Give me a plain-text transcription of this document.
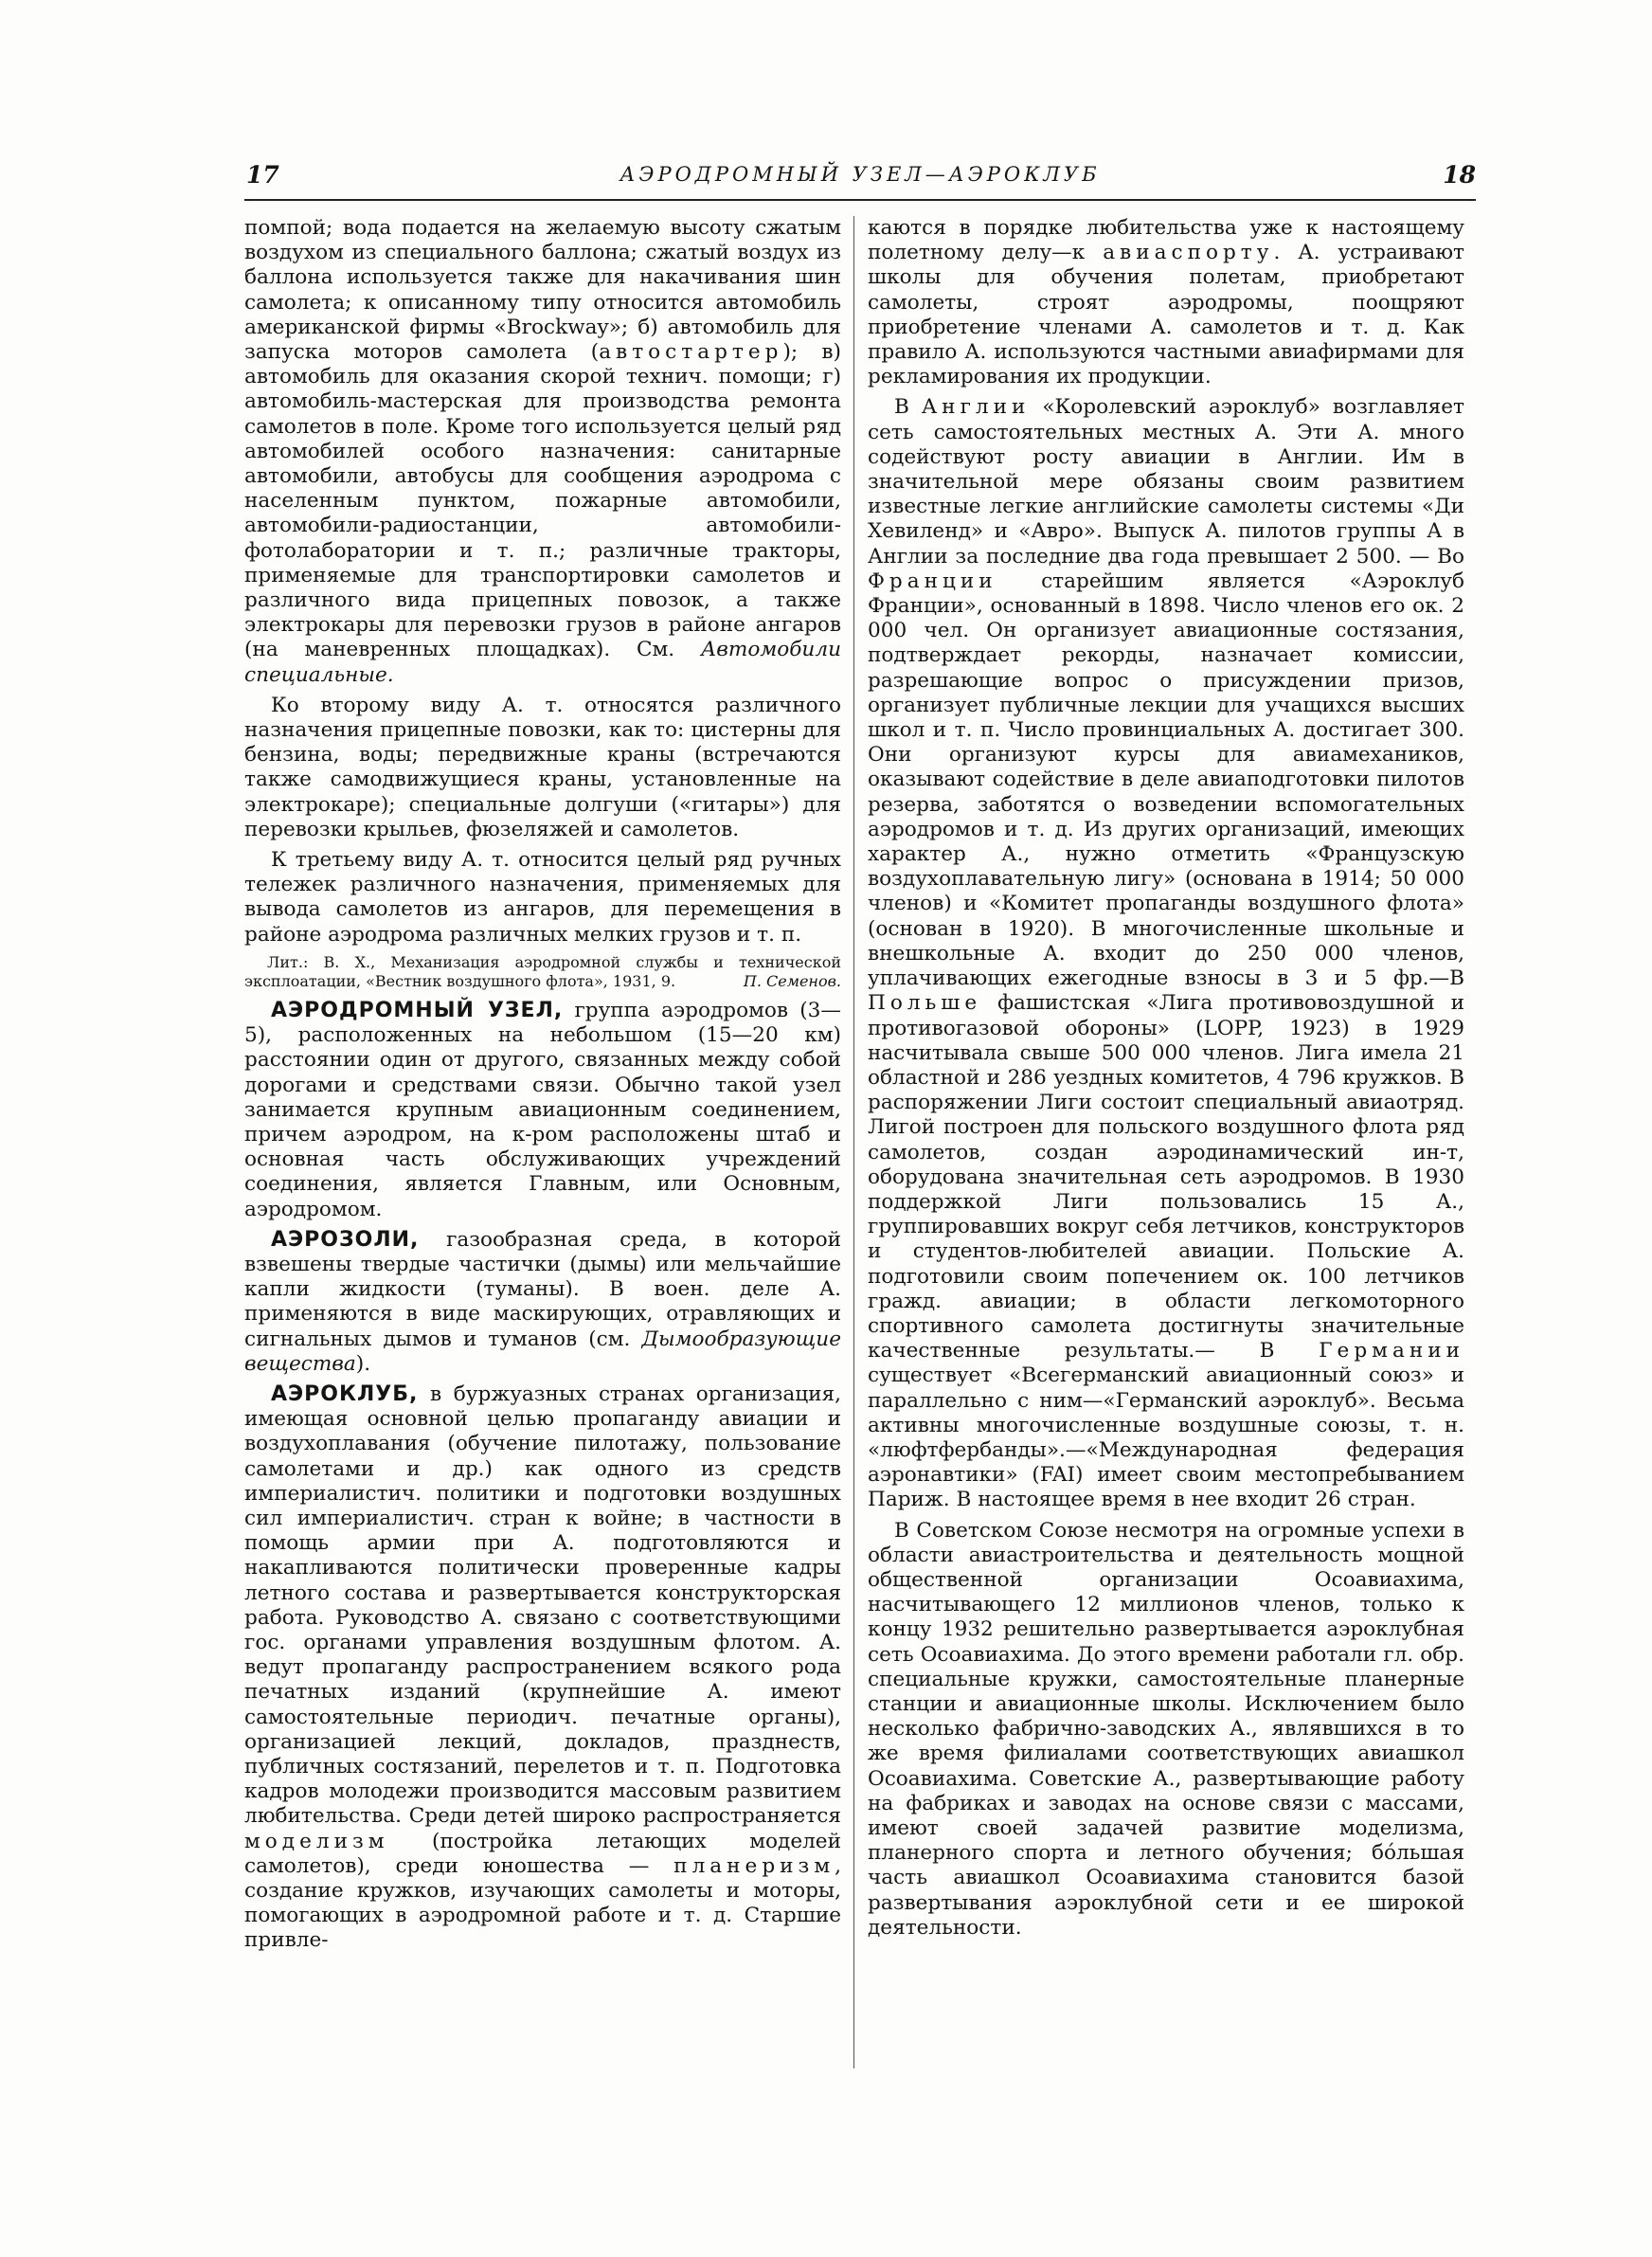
17	АЭРОДРОМНЫЙ УЗЕЛ—АЭРОКЛУБ	18

помпой; вода подается на желаемую высоту сжатым воздухом из специального баллона; сжатый воздух из баллона используется также для накачивания шин самолета; к описанному типу относится автомобиль американской фирмы «Brockway»; б) автомобиль для запуска моторов самолета (автостартер); в) автомобиль для оказания скорой технич. помощи; г) автомобиль-мастерская для производства ремонта самолетов в поле. Кроме того используется целый ряд автомобилей особого назначения: санитарные автомобили, автобусы для сообщения аэродрома с населенным пунктом, пожарные автомобили, автомобили-радиостанции, автомобили-фотолаборатории и т. п.; различные тракторы, применяемые для транспортировки самолетов и различного вида прицепных повозок, а также электрокары для перевозки грузов в районе ангаров (на маневренных площадках). См. Автомобили специальные.

Ко второму виду А. т. относятся различного назначения прицепные повозки, как то: цистерны для бензина, воды; передвижные краны (встречаются также самодвижущиеся краны, установленные на электрокаре); специальные долгуши («гитары») для перевозки крыльев, фюзеляжей и самолетов.

К третьему виду А. т. относится целый ряд ручных тележек различного назначения, применяемых для вывода самолетов из ангаров, для перемещения в районе аэродрома различных мелких грузов и т. п.

Лит.: В. Х., Механизация аэродромной службы и технической эксплоатации, «Вестник воздушного флота», 1931, 9.	П. Семенов.

АЭРОДРОМНЫЙ УЗЕЛ, группа аэродромов (3—5), расположенных на небольшом (15—20 км) расстоянии один от другого, связанных между собой дорогами и средствами связи. Обычно такой узел занимается крупным авиационным соединением, причем аэродром, на к-ром расположены штаб и основная часть обслуживающих учреждений соединения, является Главным, или Основным, аэродромом.

АЭРОЗОЛИ, газообразная среда, в которой взвешены твердые частички (дымы) или мельчайшие капли жидкости (туманы). В воен. деле А. применяются в виде маскирующих, отравляющих и сигнальных дымов и туманов (см. Дымообразующие вещества).

АЭРОКЛУБ, в буржуазных странах организация, имеющая основной целью пропаганду авиации и воздухоплавания (обучение пилотажу, пользование самолетами и др.) как одного из средств империалистич. политики и подготовки воздушных сил империалистич. стран к войне; в частности в помощь армии при А. подготовляются и накапливаются политически проверенные кадры летного состава и развертывается конструкторская работа. Руководство А. связано с соответствующими гос. органами управления воздушным флотом. А. ведут пропаганду распространением всякого рода печатных изданий (крупнейшие А. имеют самостоятельные периодич. печатные органы), организацией лекций, докладов, празднеств, публичных состязаний, перелетов и т. п. Подготовка кадров молодежи производится массовым развитием любительства. Среди детей широко распространяется моделизм (постройка летающих моделей самолетов), среди юношества — планеризм, создание кружков, изучающих самолеты и моторы, помогающих в аэродромной работе и т. д. Старшие привле-

каются в порядке любительства уже к настоящему полетному делу—к авиаспорту. А. устраивают школы для обучения полетам, приобретают самолеты, строят аэродромы, поощряют приобретение членами А. самолетов и т. д. Как правило А. используются частными авиафирмами для рекламирования их продукции.

В Англии «Королевский аэроклуб» возглавляет сеть самостоятельных местных А. Эти А. много содействуют росту авиации в Англии. Им в значительной мере обязаны своим развитием известные легкие английские самолеты системы «Ди Хевиленд» и «Авро». Выпуск А. пилотов группы А в Англии за последние два года превышает 2 500. — Во Франции старейшим является «Аэроклуб Франции», основанный в 1898. Число членов его ок. 2 000 чел. Он организует авиационные состязания, подтверждает рекорды, назначает комиссии, разрешающие вопрос о присуждении призов, организует публичные лекции для учащихся высших школ и т. п. Число провинциальных А. достигает 300. Они организуют курсы для авиамехаников, оказывают содействие в деле авиаподготовки пилотов резерва, заботятся о возведении вспомогательных аэродромов и т. д. Из других организаций, имеющих характер А., нужно отметить «Французскую воздухоплавательную лигу» (основана в 1914; 50 000 членов) и «Комитет пропаганды воздушного флота» (основан в 1920). В многочисленные школьные и внешкольные А. входит до 250 000 членов, уплачивающих ежегодные взносы в 3 и 5 фр.—В Польше фашистская «Лига противовоздушной и противогазовой обороны» (LOPP, 1923) в 1929 насчитывала свыше 500 000 членов. Лига имела 21 областной и 286 уездных комитетов, 4 796 кружков. В распоряжении Лиги состоит специальный авиаотряд. Лигой построен для польского воздушного флота ряд самолетов, создан аэродинамический ин-т, оборудована значительная сеть аэродромов. В 1930 поддержкой Лиги пользовались 15 А., группировавших вокруг себя летчиков, конструкторов и студентов-любителей авиации. Польские А. подготовили своим попечением ок. 100 летчиков гражд. авиации; в области легкомоторного спортивного самолета достигнуты значительные качественные результаты.— В Германии существует «Всегерманский авиационный союз» и параллельно с ним—«Германский аэроклуб». Весьма активны многочисленные воздушные союзы, т. н. «люфтфербанды».—«Международная федерация аэронавтики» (FAI) имеет своим местопребыванием Париж. В настоящее время в нее входит 26 стран.

В Советском Союзе несмотря на огромные успехи в области авиастроительства и деятельность мощной общественной организации Осоавиахима, насчитывающего 12 миллионов членов, только к концу 1932 решительно развертывается аэроклубная сеть Осоавиахима. До этого времени работали гл. обр. специальные кружки, самостоятельные планерные станции и авиационные школы. Исключением было несколько фабрично-заводских А., являвшихся в то же время филиалами соответствующих авиашкол Осоавиахима. Советские А., развертывающие работу на фабриках и заводах на основе связи с массами, имеют своей задачей развитие моделизма, планерного спорта и летного обучения; бóльшая часть авиашкол Осоавиахима становится базой развертывания аэроклубной сети и ее широкой деятельности.
